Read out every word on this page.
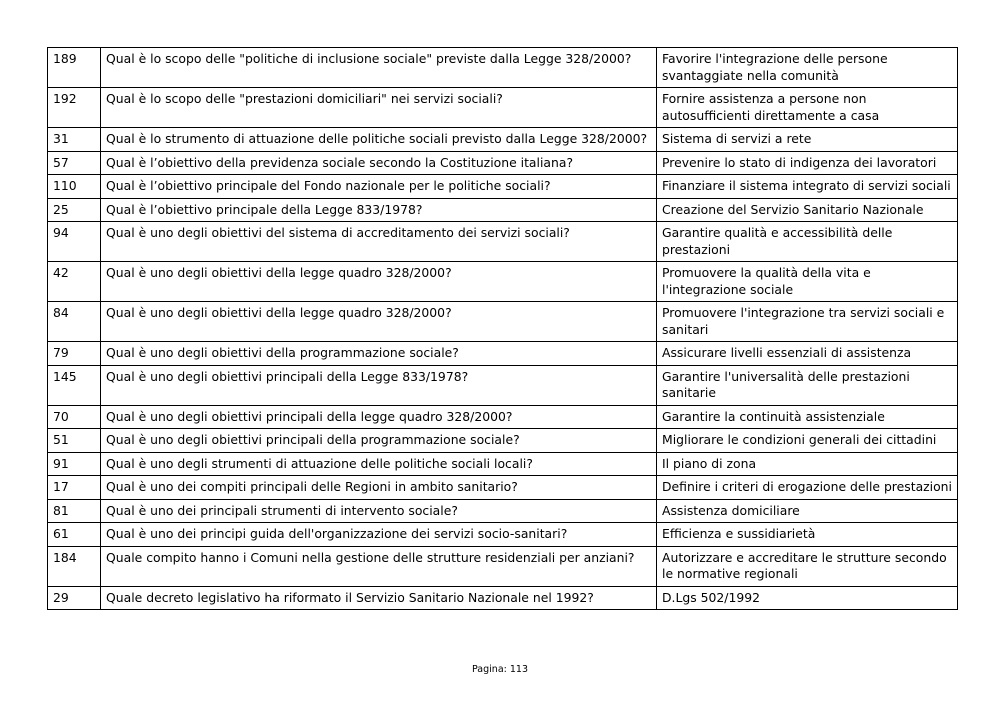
189	Qual è lo scopo delle "politiche di inclusione sociale" previste dalla Legge 328/2000?	Favorire l'integrazione delle persone svantaggiate nella comunità
192	Qual è lo scopo delle "prestazioni domiciliari" nei servizi sociali?	Fornire assistenza a persone non autosufficienti direttamente a casa
31	Qual è lo strumento di attuazione delle politiche sociali previsto dalla Legge 328/2000?	Sistema di servizi a rete
57	Qual è l’obiettivo della previdenza sociale secondo la Costituzione italiana?	Prevenire lo stato di indigenza dei lavoratori
110	Qual è l’obiettivo principale del Fondo nazionale per le politiche sociali?	Finanziare il sistema integrato di servizi sociali
25	Qual è l’obiettivo principale della Legge 833/1978?	Creazione del Servizio Sanitario Nazionale
94	Qual è uno degli obiettivi del sistema di accreditamento dei servizi sociali?	Garantire qualità e accessibilità delle prestazioni
42	Qual è uno degli obiettivi della legge quadro 328/2000?	Promuovere la qualità della vita e l'integrazione sociale
84	Qual è uno degli obiettivi della legge quadro 328/2000?	Promuovere l'integrazione tra servizi sociali e sanitari
79	Qual è uno degli obiettivi della programmazione sociale?	Assicurare livelli essenziali di assistenza
145	Qual è uno degli obiettivi principali della Legge 833/1978?	Garantire l'universalità delle prestazioni sanitarie
70	Qual è uno degli obiettivi principali della legge quadro 328/2000?	Garantire la continuità assistenziale
51	Qual è uno degli obiettivi principali della programmazione sociale?	Migliorare le condizioni generali dei cittadini
91	Qual è uno degli strumenti di attuazione delle politiche sociali locali?	Il piano di zona
17	Qual è uno dei compiti principali delle Regioni in ambito sanitario?	Definire i criteri di erogazione delle prestazioni
81	Qual è uno dei principali strumenti di intervento sociale?	Assistenza domiciliare
61	Qual è uno dei principi guida dell'organizzazione dei servizi socio-sanitari?	Efficienza e sussidiarietà
184	Quale compito hanno i Comuni nella gestione delle strutture residenziali per anziani?	Autorizzare e accreditare le strutture secondo le normative regionali
29	Quale decreto legislativo ha riformato il Servizio Sanitario Nazionale nel 1992?	D.Lgs 502/1992
Pagina: 113
